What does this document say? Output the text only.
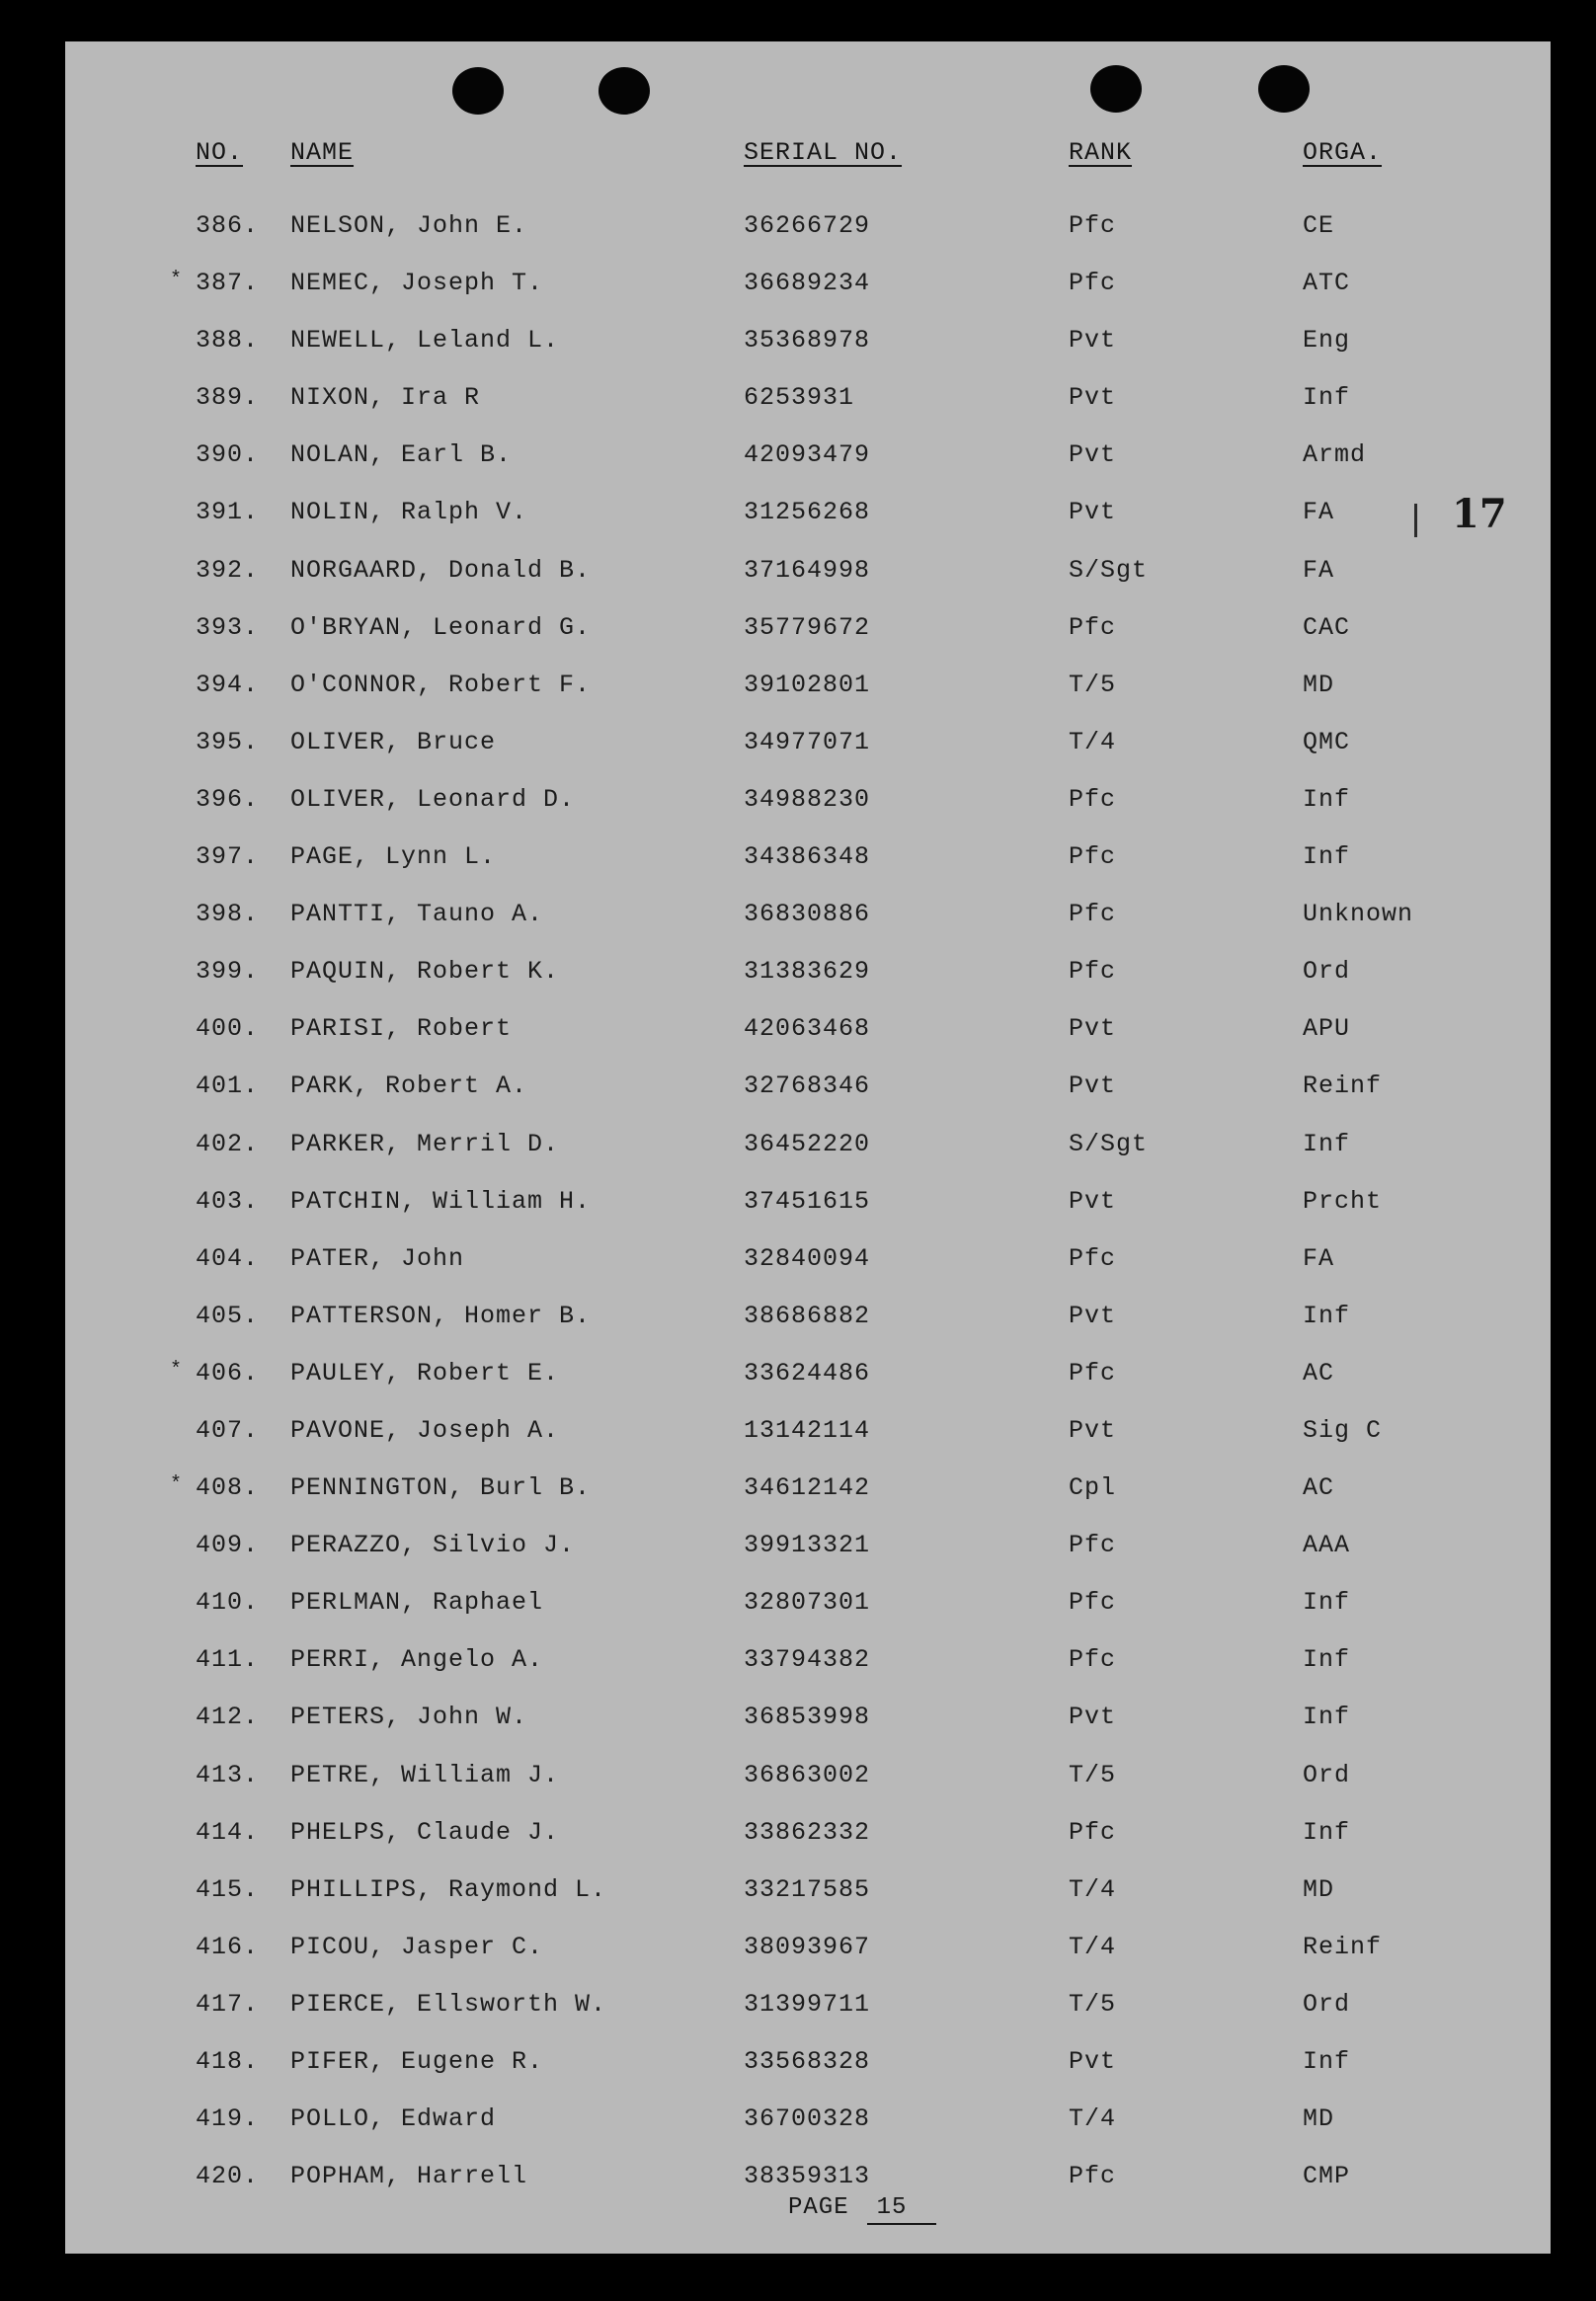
NO. NAME	SERIAL NO.	RANK	ORGA.
17
386. NELSON, John E.	36266729	Pfc	CE
* 387. NEMEC, Joseph T.	36689234	Pfc	ATC
388. NEWELL, Leland L.	35368978	Pvt	Eng
389. NIXON, Ira R	6253931	Pvt	Inf
390. NOLAN, Earl B.	42093479	Pvt	Armd
391. NOLIN, Ralph V.	31256268	Pvt	FA
392. NORGAARD, Donald B.	37164998	S/Sgt	FA
393. O'BRYAN, Leonard G.	35779672	Pfc	CAC
394. O'CONNOR, Robert F.	39102801	T/5	MD
395. OLIVER, Bruce	34977071	T/4	QMC
396. OLIVER, Leonard D.	34988230	Pfc	Inf
397. PAGE, Lynn L.	34386348	Pfc	Inf
398. PANTTI, Tauno A.	36830886	Pfc	Unknown
399. PAQUIN, Robert K.	31383629	Pfc	Ord
400. PARISI, Robert	42063468	Pvt	APU
401. PARK, Robert A.	32768346	Pvt	Reinf
402. PARKER, Merril D.	36452220	S/Sgt	Inf
403. PATCHIN, William H.	37451615	Pvt	Prcht
404. PATER, John	32840094	Pfc	FA
405. PATTERSON, Homer B.	38686882	Pvt	Inf
* 406. PAULEY, Robert E.	33624486	Pfc	AC
407. PAVONE, Joseph A.	13142114	Pvt	Sig C
* 408. PENNINGTON, Burl B.	34612142	Cpl	AC
409. PERAZZO, Silvio J.	39913321	Pfc	AAA
410. PERLMAN, Raphael	32807301	Pfc	Inf
411. PERRI, Angelo A.	33794382	Pfc	Inf
412. PETERS, John W.	36853998	Pvt	Inf
413. PETRE, William J.	36863002	T/5	Ord
414. PHELPS, Claude J.	33862332	Pfc	Inf
415. PHILLIPS, Raymond L.	33217585	T/4	MD
416. PICOU, Jasper C.	38093967	T/4	Reinf
417. PIERCE, Ellsworth W.	31399711	T/5	Ord
418. PIFER, Eugene R.	33568328	Pvt	Inf
419. POLLO, Edward	36700328	T/4	MD
420. POPHAM, Harrell	38359313	Pfc	CMP
PAGE 15
